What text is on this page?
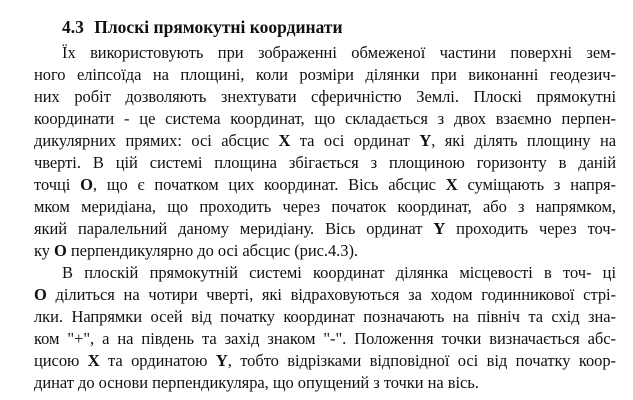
4.3 Плоскі прямокутні координати
Їх використовують при зображенні обмеженої частини поверхні зем-
ного еліпсоїда на площині, коли розміри ділянки при виконанні геодезич-
них робіт дозволяють знехтувати сферичністю Землі. Плоскі прямокутні
координати - це система координат, що складається з двох взаємно перпен-
дикулярних прямих: осі абсцис X та осі ординат Y, які ділять площину на
чверті. В цій системі площина збігається з площиною горизонту в даній
точці O, що є початком цих координат. Вісь абсцис X суміщають з напря-
мком меридіана, що проходить через початок координат, або з напрямком,
який паралельний даному меридіану. Вісь ординат Y проходить через точ-
ку O перпендикулярно до осі абсцис (рис.4.3).
В плоскій прямокутній системі координат ділянка місцевості в точ- ці
O ділиться на чотири чверті, які відраховуються за ходом годинникової стрі-
лки. Напрямки осей від початку координат позначають на північ та схід зна-
ком "+", а на південь та захід знаком "-". Положення точки визначається абс-
цисою X та ординатою Y, тобто відрізками відповідної осі від початку коор-
динат до основи перпендикуляра, що опущений з точки на вісь.
